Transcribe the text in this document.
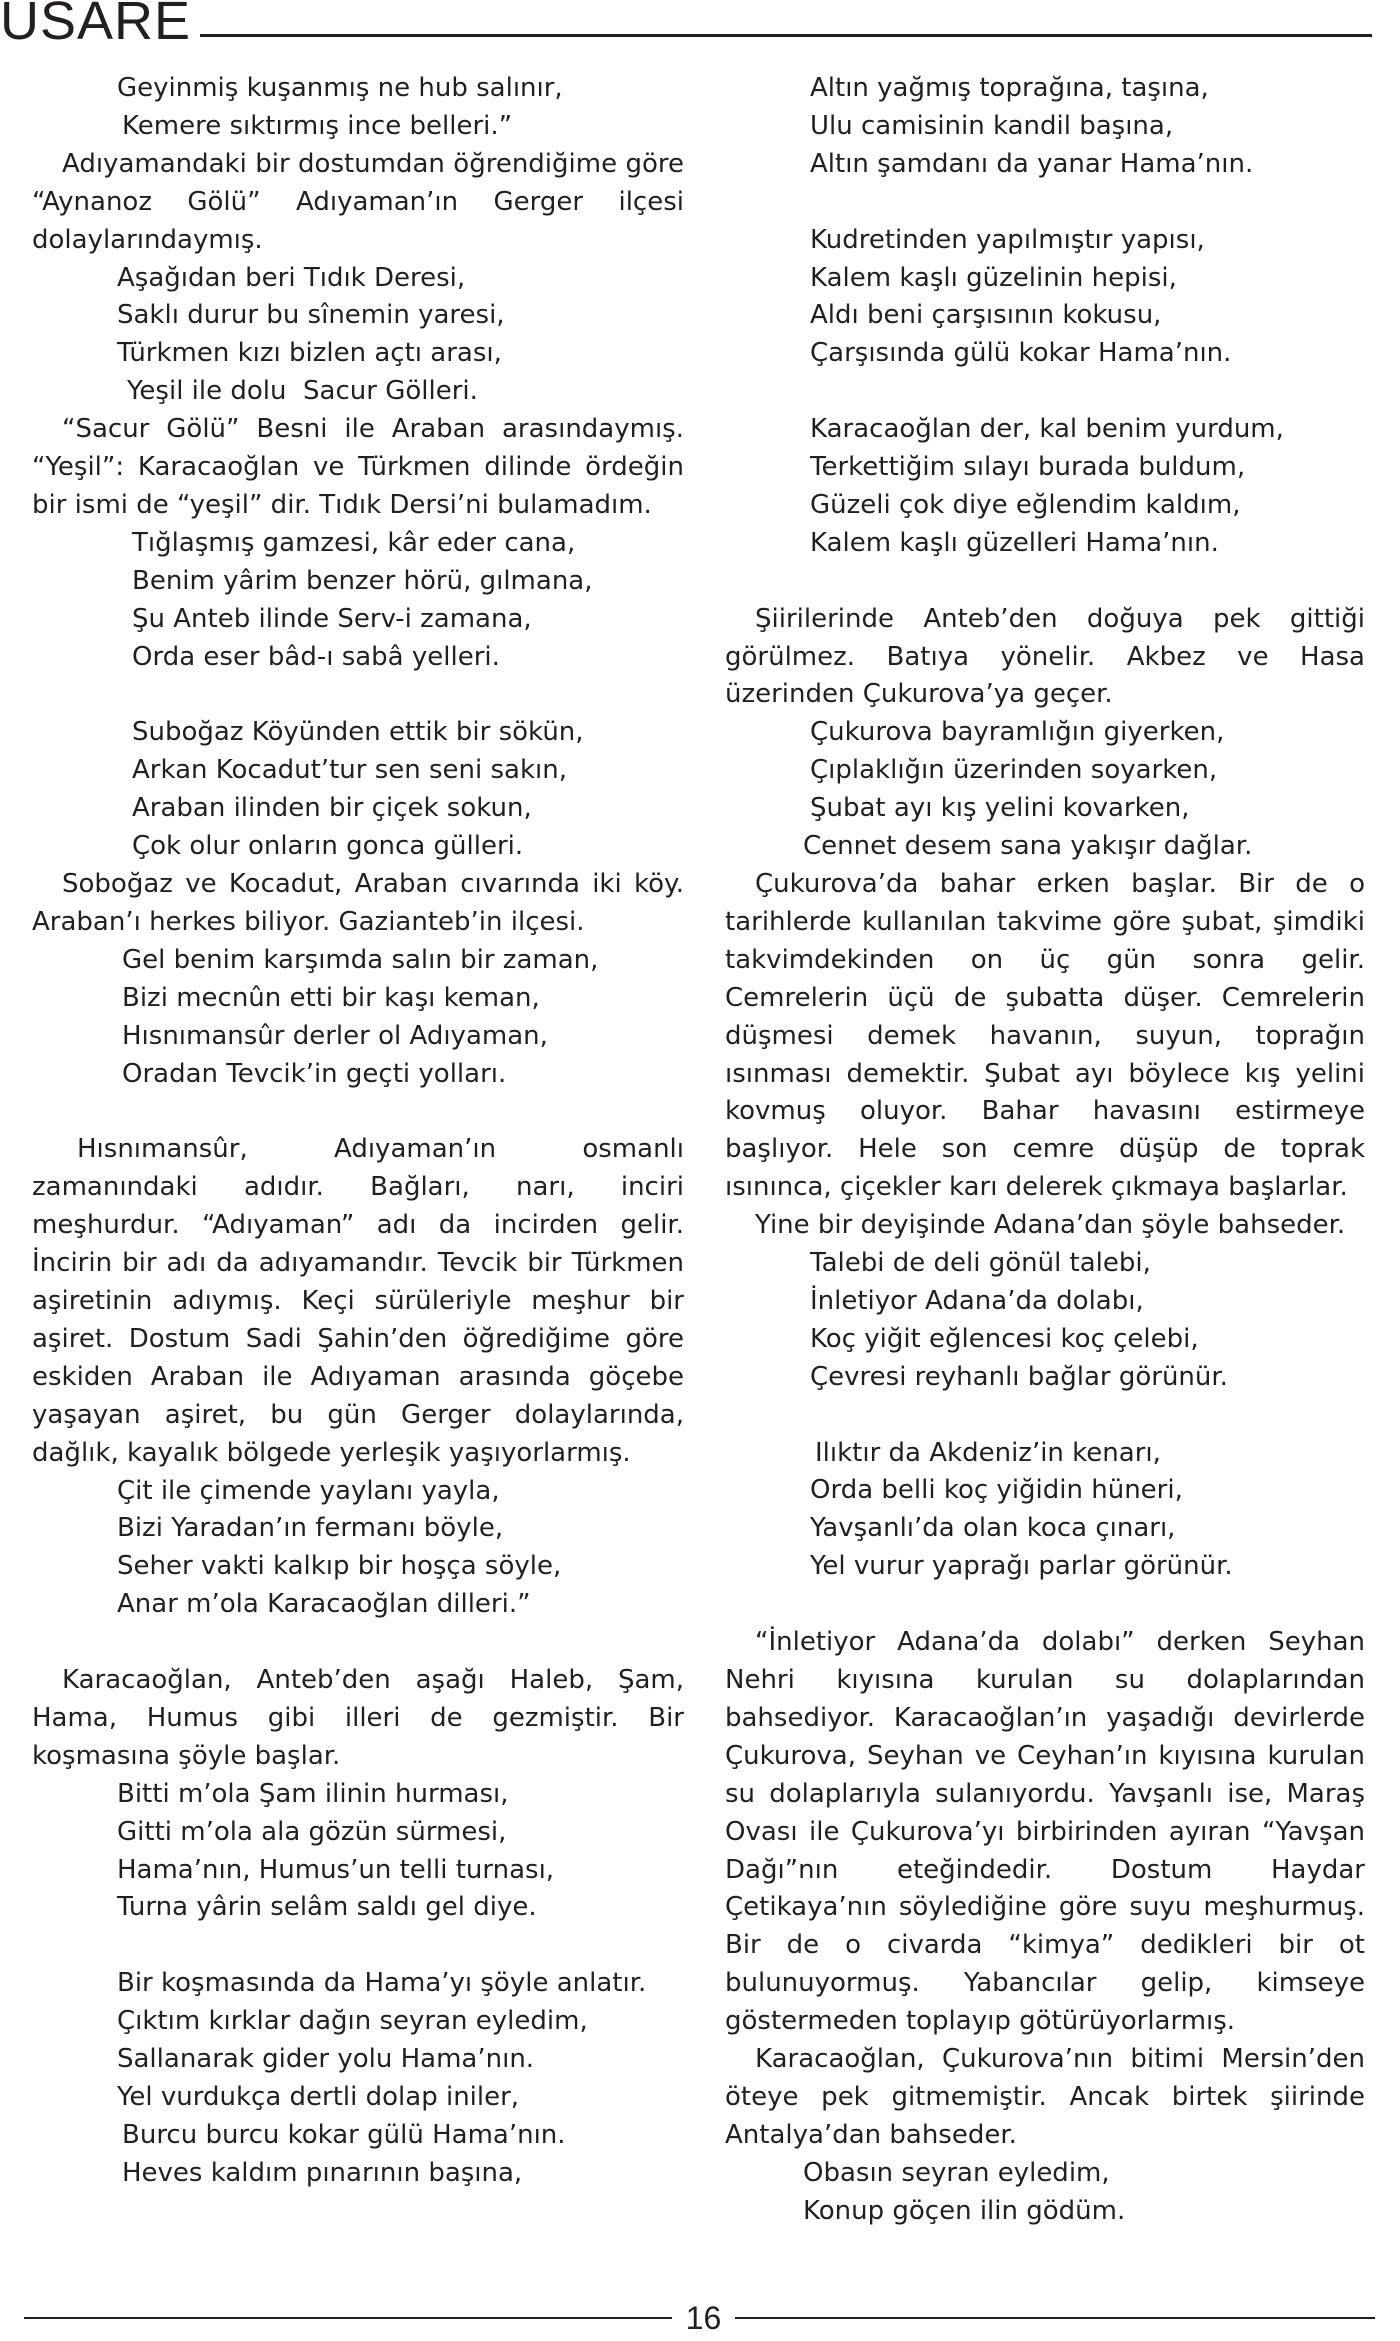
USARE
Geyinmiş kuşanmış ne hub salınır,
Kemere sıktırmış ince belleri.”
Adıyamandaki bir dostumdan öğrendiğime göre “Aynanoz Gölü” Adıyaman’ın Gerger ilçesi dolaylarındaymış.
Aşağıdan beri Tıdık Deresi,
Saklı durur bu sînemin yaresi,
Türkmen kızı bizlen açtı arası,
Yeşil ile dolu  Sacur Gölleri.
“Sacur Gölü” Besni ile Araban arasındaymış. “Yeşil”: Karacaoğlan ve Türkmen dilinde ördeğin bir ismi de “yeşil” dir. Tıdık Dersi’ni bulamadım.
Tığlaşmış gamzesi, kâr eder cana,
Benim yârim benzer hörü, gılmana,
Şu Anteb ilinde Serv-i zamana,
Orda eser bâd-ı sabâ yelleri.
Suboğaz Köyünden ettik bir sökün,
Arkan Kocadut’tur sen seni sakın,
Araban ilinden bir çiçek sokun,
Çok olur onların gonca gülleri.
Soboğaz ve Kocadut, Araban cıvarında iki köy. Araban’ı herkes biliyor. Gazianteb’in ilçesi.
Gel benim karşımda salın bir zaman,
Bizi mecnûn etti bir kaşı keman,
Hısnımansûr derler ol Adıyaman,
Oradan Tevcik’in geçti yolları.
Hısnımansûr, Adıyaman’ın osmanlı zamanındaki adıdır. Bağları, narı, inciri meşhurdur. “Adıyaman” adı da incirden gelir. İncirin bir adı da adıyamandır. Tevcik bir Türkmen aşiretinin adıymış. Keçi sürüleriyle meşhur bir aşiret. Dostum Sadi Şahin’den öğrediğime göre eskiden Araban ile Adıyaman arasında göçebe yaşayan aşiret, bu gün Gerger dolaylarında, dağlık, kayalık bölgede yerleşik yaşıyorlarmış.
Çit ile çimende yaylanı yayla,
Bizi Yaradan’ın fermanı böyle,
Seher vakti kalkıp bir hoşça söyle,
Anar m’ola Karacaoğlan dilleri.”
Karacaoğlan, Anteb’den aşağı Haleb, Şam, Hama, Humus gibi illeri de gezmiştir. Bir koşmasına şöyle başlar.
Bitti m’ola Şam ilinin hurması,
Gitti m’ola ala gözün sürmesi,
Hama’nın, Humus’un telli turnası,
Turna yârin selâm saldı gel diye.
Bir koşmasında da Hama’yı şöyle anlatır.
Çıktım kırklar dağın seyran eyledim,
Sallanarak gider yolu Hama’nın.
Yel vurdukça dertli dolap iniler,
Burcu burcu kokar gülü Hama’nın.
Heves kaldım pınarının başına,
Altın yağmış toprağına, taşına,
Ulu camisinin kandil başına,
Altın şamdanı da yanar Hama’nın.
Kudretinden yapılmıştır yapısı,
Kalem kaşlı güzelinin hepisi,
Aldı beni çarşısının kokusu,
Çarşısında gülü kokar Hama’nın.
Karacaoğlan der, kal benim yurdum,
Terkettiğim sılayı burada buldum,
Güzeli çok diye eğlendim kaldım,
Kalem kaşlı güzelleri Hama’nın.
Şiirilerinde Anteb’den doğuya pek gittiği görülmez. Batıya yönelir. Akbez ve Hasa üzerinden Çukurova’ya geçer.
Çukurova bayramlığın giyerken,
Çıplaklığın üzerinden soyarken,
Şubat ayı kış yelini kovarken,
Cennet desem sana yakışır dağlar.
Çukurova’da bahar erken başlar. Bir de o tarihlerde kullanılan takvime göre şubat, şimdiki takvimdekinden on üç gün sonra gelir. Cemrelerin üçü de şubatta düşer. Cemrelerin düşmesi demek havanın, suyun, toprağın ısınması demektir. Şubat ayı böylece kış yelini kovmuş oluyor. Bahar havasını estirmeye başlıyor. Hele son cemre düşüp de toprak ısınınca, çiçekler karı delerek çıkmaya başlarlar.
Yine bir deyişinde Adana’dan şöyle bahseder.
Talebi de deli gönül talebi,
İnletiyor Adana’da dolabı,
Koç yiğit eğlencesi koç çelebi,
Çevresi reyhanlı bağlar görünür.
Ilıktır da Akdeniz’in kenarı,
Orda belli koç yiğidin hüneri,
Yavşanlı’da olan koca çınarı,
Yel vurur yaprağı parlar görünür.
“İnletiyor Adana’da dolabı” derken Seyhan Nehri kıyısına kurulan su dolaplarından bahsediyor. Karacaoğlan’ın yaşadığı devirlerde Çukurova, Seyhan ve Ceyhan’ın kıyısına kurulan su dolaplarıyla sulanıyordu. Yavşanlı ise, Maraş Ovası ile Çukurova’yı birbirinden ayıran “Yavşan Dağı”nın eteğindedir. Dostum Haydar Çetikaya’nın söylediğine göre suyu meşhurmuş. Bir de o civarda “kimya” dedikleri bir ot bulunuyormuş. Yabancılar gelip, kimseye göstermeden toplayıp götürüyorlarmış.
Karacaoğlan, Çukurova’nın bitimi Mersin’den öteye pek gitmemiştir. Ancak birtek şiirinde Antalya’dan bahseder.
Obasın seyran eyledim,
Konup göçen ilin gödüm.
16
